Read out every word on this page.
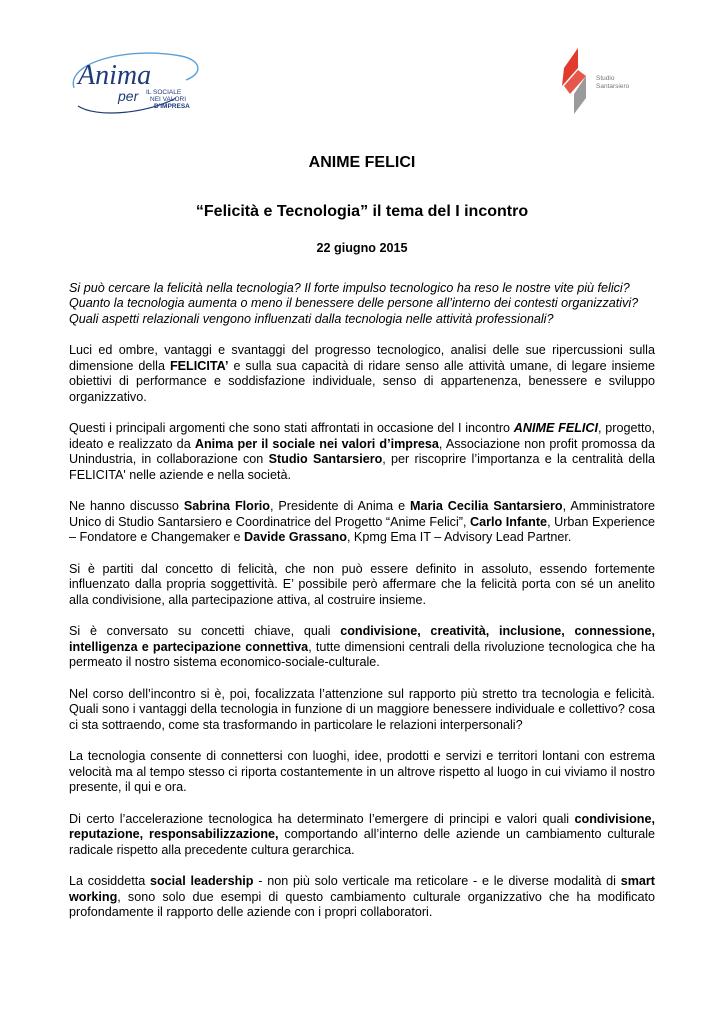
Anima
per IL SOCIALE
NEI VALORI
D'IMPRESA
Studio
Santarsiero
ANIME FELICI
“Felicità e Tecnologia” il tema del I incontro
22 giugno 2015

Si può cercare la felicità nella tecnologia? Il forte impulso tecnologico ha reso le nostre vite più felici? Quanto la tecnologia aumenta o meno il benessere delle persone all’interno dei contesti organizzativi? Quali aspetti relazionali vengono influenzati dalla tecnologia nelle attività professionali?

Luci ed ombre, vantaggi e svantaggi del progresso tecnologico, analisi delle sue ripercussioni sulla dimensione della FELICITA’ e sulla sua capacità di ridare senso alle attività umane, di legare insieme obiettivi di performance e soddisfazione individuale, senso di appartenenza, benessere e sviluppo organizzativo.

Questi i principali argomenti che sono stati affrontati in occasione del I incontro ANIME FELICI, progetto, ideato e realizzato da Anima per il sociale nei valori d’impresa, Associazione non profit promossa da Unindustria, in collaborazione con Studio Santarsiero, per riscoprire l’importanza e la centralità della FELICITA' nelle aziende e nella società.

Ne hanno discusso Sabrina Florio, Presidente di Anima e Maria Cecilia Santarsiero, Amministratore Unico di Studio Santarsiero e Coordinatrice del Progetto “Anime Felici”, Carlo Infante, Urban Experience – Fondatore e Changemaker e Davide Grassano, Kpmg Ema IT – Advisory Lead Partner.

Si è partiti dal concetto di felicità, che non può essere definito in assoluto, essendo fortemente influenzato dalla propria soggettività. E’ possibile però affermare che la felicità porta con sé un anelito alla condivisione, alla partecipazione attiva, al costruire insieme.

Si è conversato su concetti chiave, quali condivisione, creatività, inclusione, connessione, intelligenza e partecipazione connettiva, tutte dimensioni centrali della rivoluzione tecnologica che ha permeato il nostro sistema economico-sociale-culturale.

Nel corso dell’incontro si è, poi, focalizzata l’attenzione sul rapporto più stretto tra tecnologia e felicità. Quali sono i vantaggi della tecnologia in funzione di un maggiore benessere individuale e collettivo? cosa ci sta sottraendo, come sta trasformando in particolare le relazioni interpersonali?

La tecnologia consente di connettersi con luoghi, idee, prodotti e servizi e territori lontani con estrema velocità ma al tempo stesso ci riporta costantemente in un altrove rispetto al luogo in cui viviamo il nostro presente, il qui e ora.

Di certo l’accelerazione tecnologica ha determinato l’emergere di principi e valori quali condivisione, reputazione, responsabilizzazione, comportando all’interno delle aziende un cambiamento culturale radicale rispetto alla precedente cultura gerarchica.

La cosiddetta social leadership - non più solo verticale ma reticolare - e le diverse modalità di smart working, sono solo due esempi di questo cambiamento culturale organizzativo che ha modificato profondamente il rapporto delle aziende con i propri collaboratori.
